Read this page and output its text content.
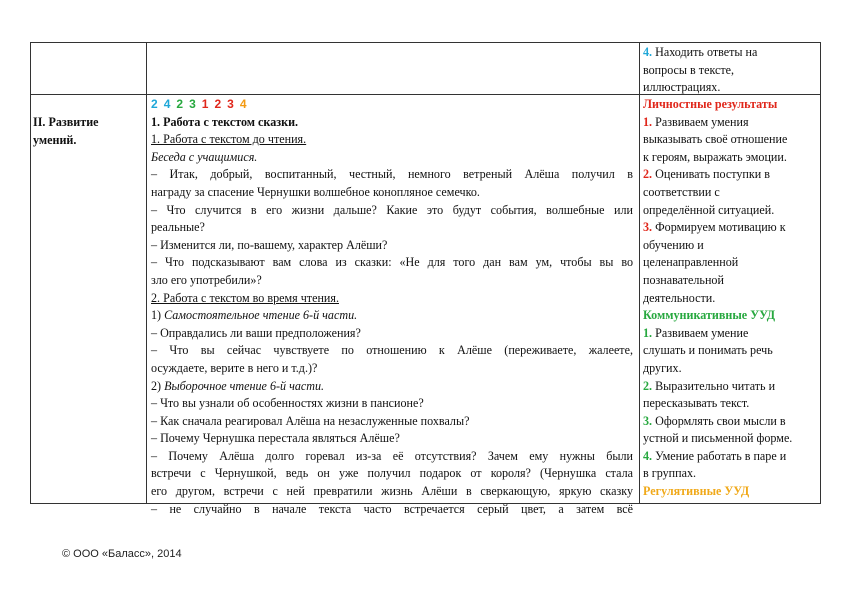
4. Находить ответы на
вопросы в тексте,
иллюстрациях.
II. Развитие
умений.
2 4 2 3 1 2 3 4
1. Работа с текстом сказки.
1. Работа с текстом до чтения.
Беседа с учащимися.
– Итак, добрый, воспитанный, честный, немного ветреный Алёша получил в
награду за спасение Чернушки волшебное конопляное семечко.
– Что случится в его жизни дальше? Какие это будут события, волшебные или
реальные?
– Изменится ли, по-вашему, характер Алёши?
– Что подсказывают вам слова из сказки: «Не для того дан вам ум, чтобы вы во
зло его употребили»?
2. Работа с текстом во время чтения.
1) Самостоятельное чтение 6-й части.
– Оправдались ли ваши предположения?
– Что вы сейчас чувствуете по отношению к Алёше (переживаете, жалеете,
осуждаете, верите в него и т.д.)?
2) Выборочное чтение 6-й части.
– Что вы узнали об особенностях жизни в пансионе?
– Как сначала реагировал Алёша на незаслуженные похвалы?
– Почему Чернушка перестала являться Алёше?
– Почему Алёша долго горевал из-за её отсутствия? Зачем ему нужны были
встречи с Чернушкой, ведь он уже получил подарок от короля? (Чернушка стала
его другом, встречи с ней превратили жизнь Алёши в сверкающую, яркую сказку
– не случайно в начале текста часто встречается серый цвет, а затем всё
Личностные результаты
1. Развиваем умения
выказывать своё отношение
к героям, выражать эмоции.
2. Оценивать поступки в
соответствии с
определённой ситуацией.
3. Формируем мотивацию к
обучению и
целенаправленной
познавательной
деятельности.
Коммуникативные УУД
1. Развиваем умение
слушать и понимать речь
других.
2. Выразительно читать и
пересказывать текст.
3. Оформлять свои мысли в
устной и письменной форме.
4. Умение работать в паре и
в группах.
Регулятивные УУД
© ООО «Баласс», 2014
